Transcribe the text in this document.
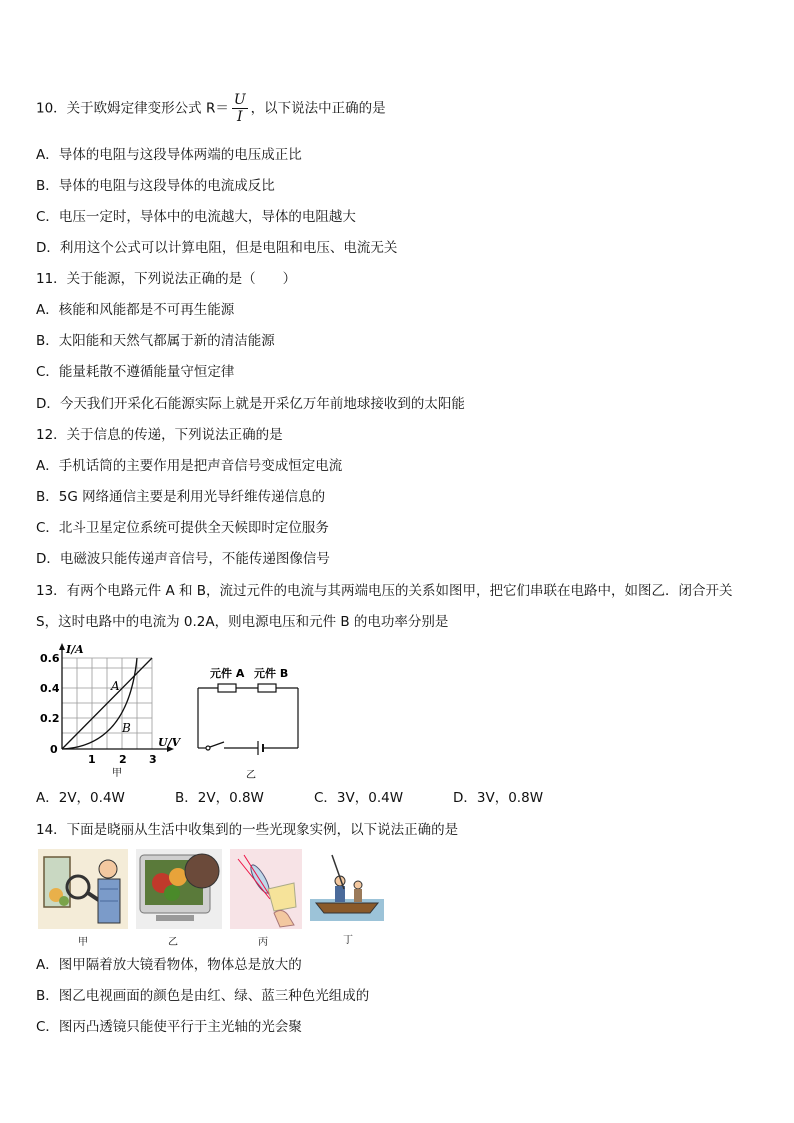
10．关于欧姆定律变形公式 $R= \frac{U}{I}$ ，以下说法中正确的是
A．导体的电阻与这段导体两端的电压成正比
B．导体的电阻与这段导体的电流成反比
C．电压一定时，导体中的电流越大，导体的电阻越大
D．利用这个公式可以计算电阻，但是电阻和电压、电流无关
11．关于能源，下列说法正确的是（　　）
A．核能和风能都是不可再生能源
B．太阳能和天然气都属于新的清洁能源
C．能量耗散不遵循能量守恒定律
D．今天我们开采化石能源实际上就是开采亿万年前地球接收到的太阳能
12．关于信息的传递，下列说法正确的是
A．手机话筒的主要作用是把声音信号变成恒定电流
B．5G 网络通信主要是利用光导纤维传递信息的
C．北斗卫星定位系统可提供全天候即时定位服务
D．电磁波只能传递声音信号，不能传递图像信号
13．有两个电路元件 A 和 B，流过元件的电流与其两端电压的关系如图甲，把它们串联在电路中，如图乙．闭合开关
S，这时电路中的电流为 0.2A，则电源电压和元件 B 的电功率分别是
I/A
U/V
0.6
0.4
0.2
0
1 2 3
A
B
甲
元件 A 元件 B
乙
A．2V，0.4W	B．2V，0.8W	C．3V，0.4W	D．3V，0.8W
14．下面是晓丽从生活中收集到的一些光现象实例，以下说法正确的是
甲	乙	丙	丁
A．图甲隔着放大镜看物体，物体总是放大的
B．图乙电视画面的颜色是由红、绿、蓝三种色光组成的
C．图丙凸透镜只能使平行于主光轴的光会聚
